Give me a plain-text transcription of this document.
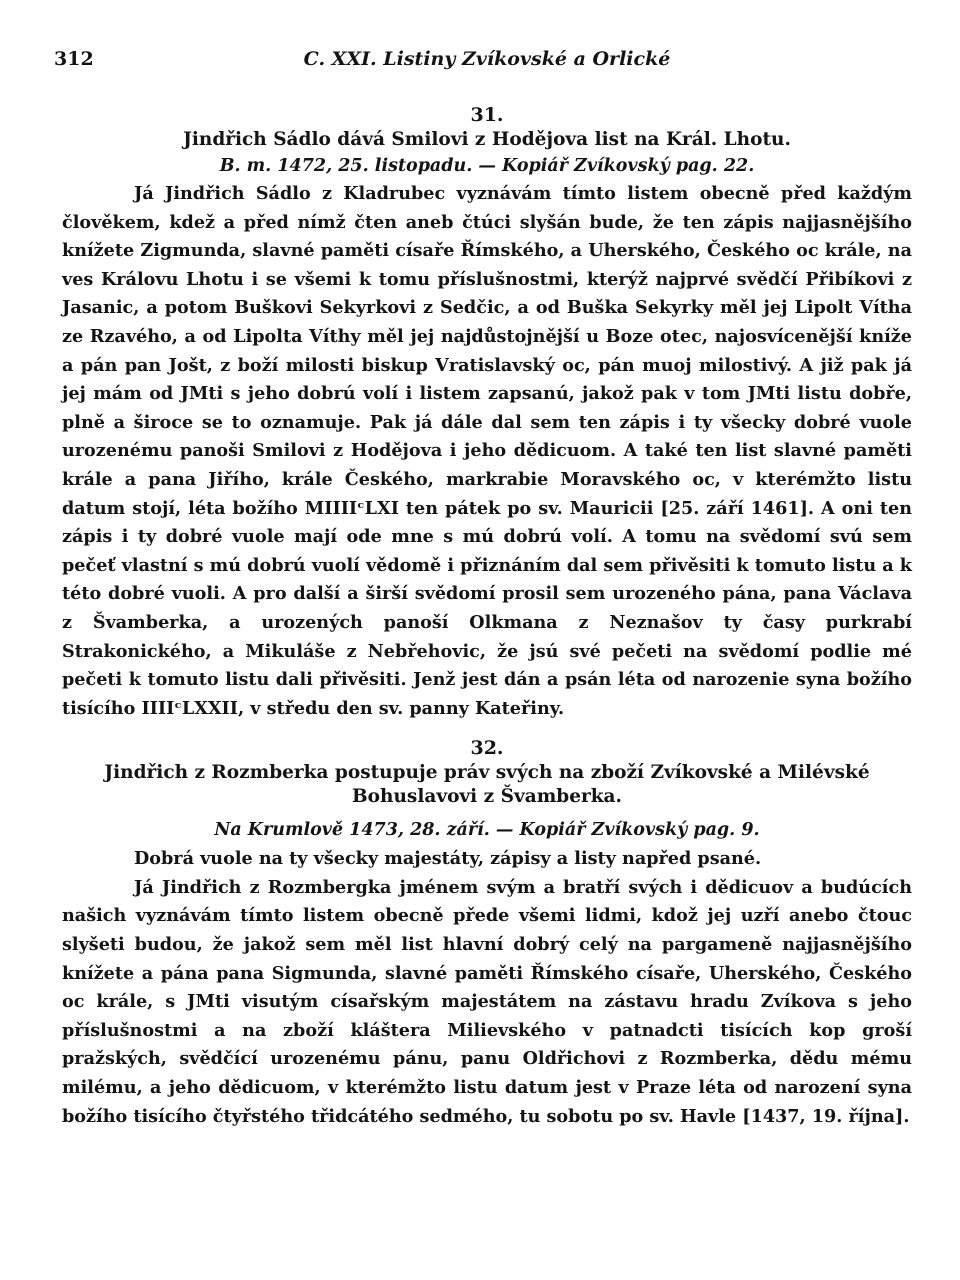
312	C. XXI. Listiny Zvíkovské a Orlické
31.
Jindřich Sádlo dává Smilovi z Hodějova list na Král. Lhotu.
B. m. 1472, 25. listopadu. — Kopiář Zvíkovský pag. 22.

Já Jindřich Sádlo z Kladrubec vyznávám tímto listem obecně před každým člověkem, kdež a před nímž čten aneb čtúci slyšán bude, že ten zápis najjasnějšího knížete Zigmunda, slavné paměti císaře Římského, a Uherského, Českého oc krále, na ves Královu Lhotu i se všemi k tomu příslušnostmi, kterýž najprvé svědčí Přibíkovi z Jasanic, a potom Buškovi Sekyrkovi z Sedčic, a od Buška Sekyrky měl jej Lipolt Vítha ze Rzavého, a od Lipolta Víthy měl jej najdůstojnější u Boze otec, najosvícenější kníže a pán pan Jošt, z boží milosti biskup Vratislavský oc, pán muoj milostivý. A již pak já jej mám od JMti s jeho dobrú volí i listem zapsanú, jakož pak v tom JMti listu dobře, plně a široce se to oznamuje. Pak já dále dal sem ten zápis i ty všecky dobré vuole urozenému panoši Smilovi z Hodějova i jeho dědicuom. A také ten list slavné paměti krále a pana Jiřího, krále Českého, markrabie Moravského oc, v kterémžto listu datum stojí, léta božího MIIIIᶜLXI ten pátek po sv. Mauricii [25. září 1461]. A oni ten zápis i ty dobré vuole mají ode mne s mú dobrú volí. A tomu na svědomí svú sem pečeť vlastní s mú dobrú vuolí vědomě i přiznáním dal sem přivěsiti k tomuto listu a k této dobré vuoli. A pro další a širší svědomí prosil sem urozeného pána, pana Václava z Švamberka, a urozených panoší Olkmana z Neznašov ty časy purkrabí Strakonického, a Mikuláše z Nebřehovic, že jsú své pečeti na svědomí podlie mé pečeti k tomuto listu dali přivěsiti. Jenž jest dán a psán léta od narozenie syna božího tisícího IIIIᶜLXXII, v středu den sv. panny Kateřiny.

32.
Jindřich z Rozmberka postupuje práv svých na zboží Zvíkovské a Milévské Bohuslavovi z Švamberka.
Na Krumlově 1473, 28. září. — Kopiář Zvíkovský pag. 9.

Dobrá vuole na ty všecky majestáty, zápisy a listy napřed psané.

Já Jindřich z Rozmbergka jménem svým a bratří svých i dědicuov a budúcích našich vyznávám tímto listem obecně přede všemi lidmi, kdož jej uzří anebo čtouc slyšeti budou, že jakož sem měl list hlavní dobrý celý na pargameně najjasnějšího knížete a pána pana Sigmunda, slavné paměti Římského císaře, Uherského, Českého oc krále, s JMti visutým císařským majestátem na zástavu hradu Zvíkova s jeho příslušnostmi a na zboží kláštera Milievského v patnadcti tisících kop groší pražských, svědčící urozenému pánu, panu Oldřichovi z Rozmberka, dědu mému milému, a jeho dědicuom, v kterémžto listu datum jest v Praze léta od narození syna božího tisícího čtyřstého třidcátého sedmého, tu sobotu po sv. Havle [1437, 19. října].
